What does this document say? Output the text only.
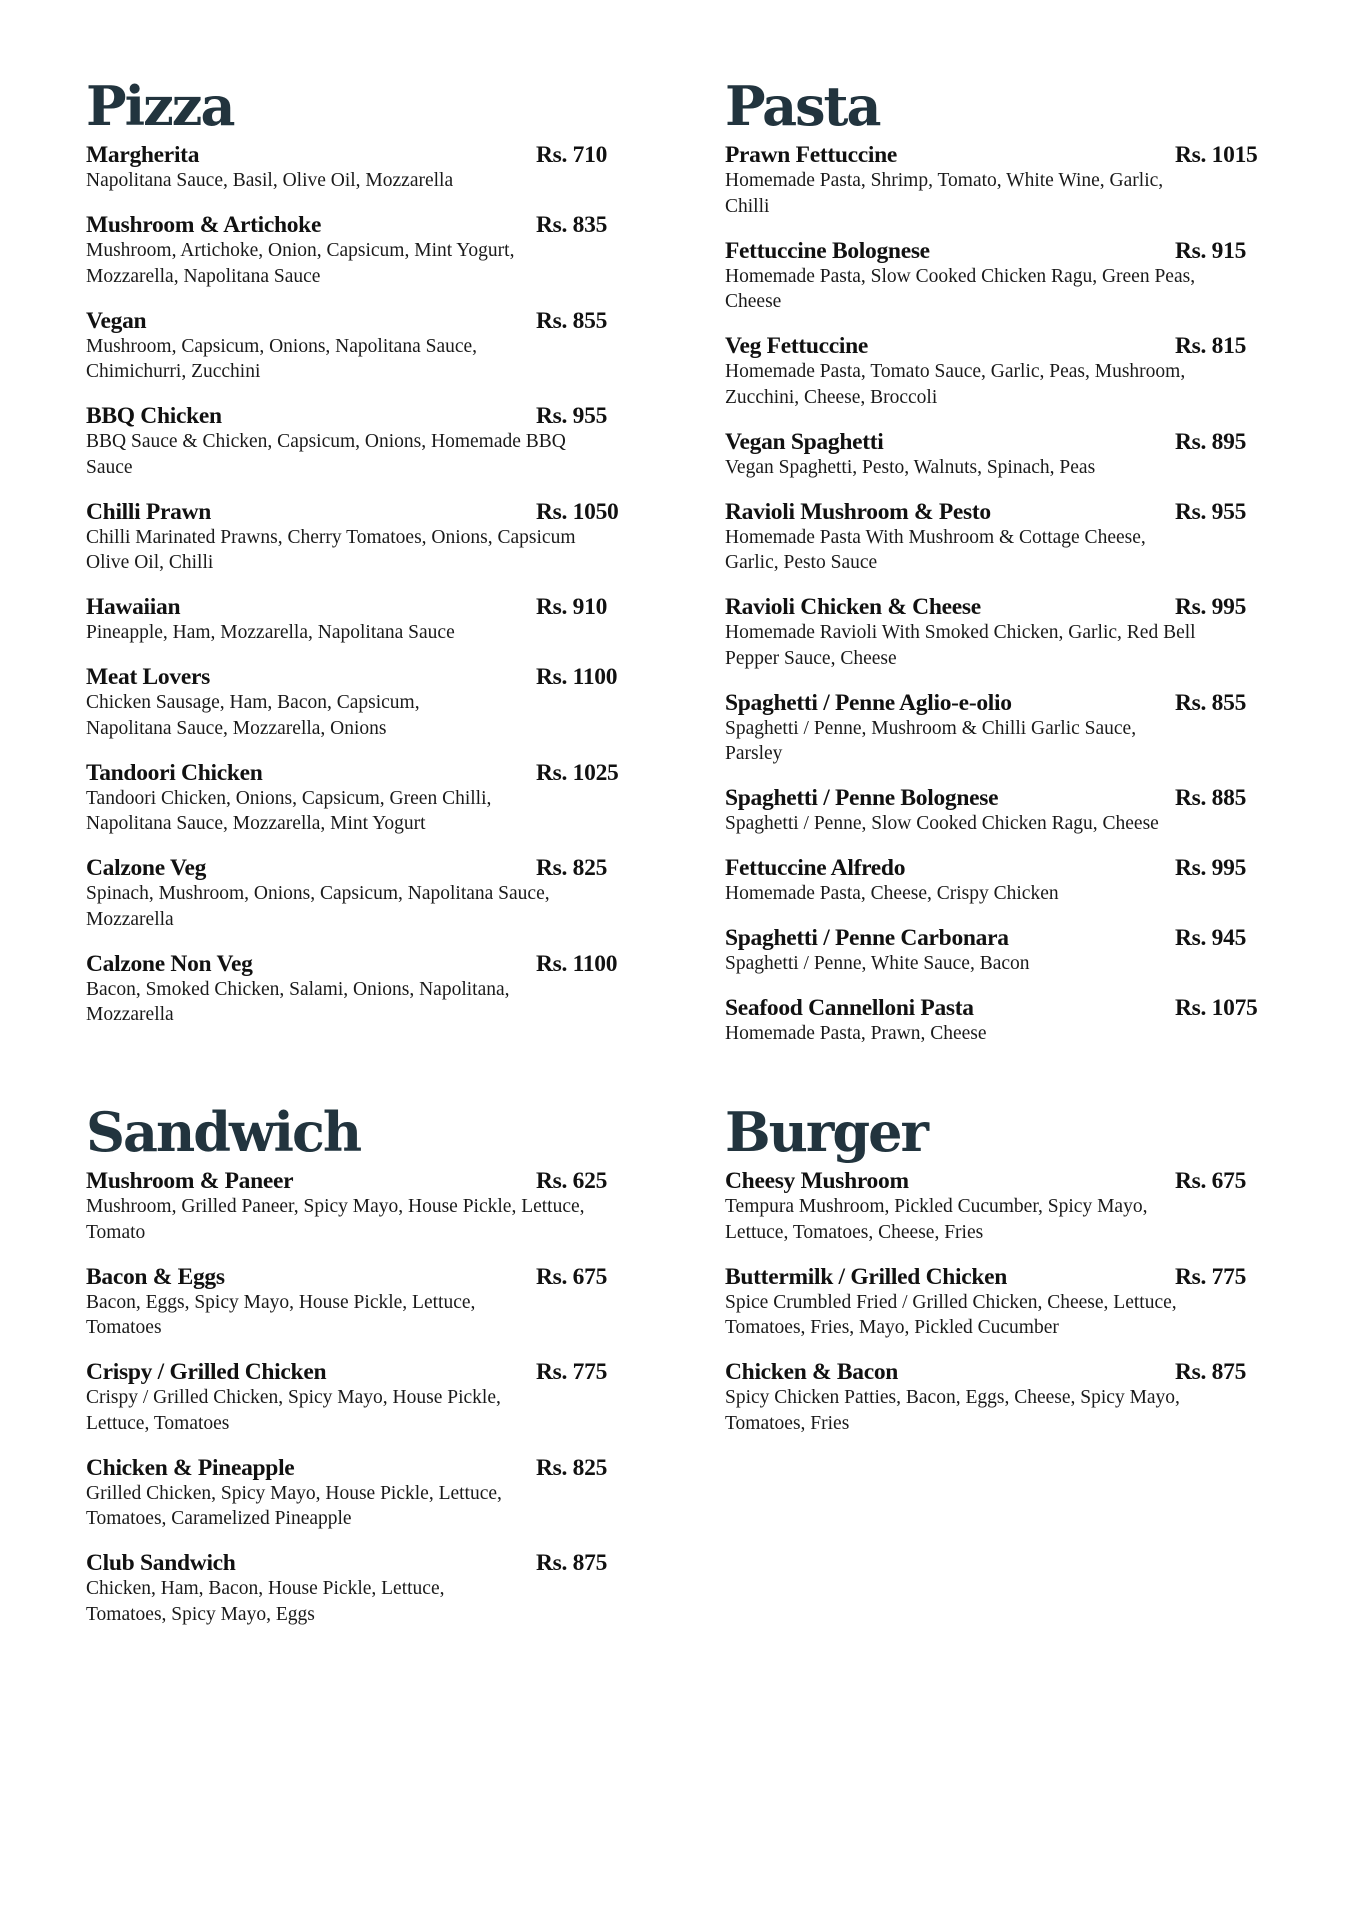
Pizza
Margherita	Rs. 710
Napolitana Sauce, Basil, Olive Oil, Mozzarella
Mushroom & Artichoke	Rs. 835
Mushroom, Artichoke, Onion, Capsicum, Mint Yogurt,
Mozzarella, Napolitana Sauce
Vegan	Rs. 855
Mushroom, Capsicum, Onions, Napolitana Sauce,
Chimichurri, Zucchini
BBQ Chicken	Rs. 955
BBQ Sauce & Chicken, Capsicum, Onions, Homemade BBQ
Sauce
Chilli Prawn	Rs. 1050
Chilli Marinated Prawns, Cherry Tomatoes, Onions, Capsicum
Olive Oil, Chilli
Hawaiian	Rs. 910
Pineapple, Ham, Mozzarella, Napolitana Sauce
Meat Lovers	Rs. 1100
Chicken Sausage, Ham, Bacon, Capsicum,
Napolitana Sauce, Mozzarella, Onions
Tandoori Chicken	Rs. 1025
Tandoori Chicken, Onions, Capsicum, Green Chilli,
Napolitana Sauce, Mozzarella, Mint Yogurt
Calzone Veg	Rs. 825
Spinach, Mushroom, Onions, Capsicum, Napolitana Sauce,
Mozzarella
Calzone Non Veg	Rs. 1100
Bacon, Smoked Chicken, Salami, Onions, Napolitana,
Mozzarella
Pasta
Prawn Fettuccine	Rs. 1015
Homemade Pasta, Shrimp, Tomato, White Wine, Garlic,
Chilli
Fettuccine Bolognese	Rs. 915
Homemade Pasta, Slow Cooked Chicken Ragu, Green Peas,
Cheese
Veg Fettuccine	Rs. 815
Homemade Pasta, Tomato Sauce, Garlic, Peas, Mushroom,
Zucchini, Cheese, Broccoli
Vegan Spaghetti	Rs. 895
Vegan Spaghetti, Pesto, Walnuts, Spinach, Peas
Ravioli Mushroom & Pesto	Rs. 955
Homemade Pasta With Mushroom & Cottage Cheese,
Garlic, Pesto Sauce
Ravioli Chicken & Cheese	Rs. 995
Homemade Ravioli With Smoked Chicken, Garlic, Red Bell
Pepper Sauce, Cheese
Spaghetti / Penne Aglio-e-olio	Rs. 855
Spaghetti / Penne, Mushroom & Chilli Garlic Sauce,
Parsley
Spaghetti / Penne Bolognese	Rs. 885
Spaghetti / Penne, Slow Cooked Chicken Ragu, Cheese
Fettuccine Alfredo	Rs. 995
Homemade Pasta, Cheese, Crispy Chicken
Spaghetti / Penne Carbonara	Rs. 945
Spaghetti / Penne, White Sauce, Bacon
Seafood Cannelloni Pasta	Rs. 1075
Homemade Pasta, Prawn, Cheese
Sandwich
Mushroom & Paneer	Rs. 625
Mushroom, Grilled Paneer, Spicy Mayo, House Pickle, Lettuce,
Tomato
Bacon & Eggs	Rs. 675
Bacon, Eggs, Spicy Mayo, House Pickle, Lettuce,
Tomatoes
Crispy / Grilled Chicken	Rs. 775
Crispy / Grilled Chicken, Spicy Mayo, House Pickle,
Lettuce, Tomatoes
Chicken & Pineapple	Rs. 825
Grilled Chicken, Spicy Mayo, House Pickle, Lettuce,
Tomatoes, Caramelized Pineapple
Club Sandwich	Rs. 875
Chicken, Ham, Bacon, House Pickle, Lettuce,
Tomatoes, Spicy Mayo, Eggs
Burger
Cheesy Mushroom	Rs. 675
Tempura Mushroom, Pickled Cucumber, Spicy Mayo,
Lettuce, Tomatoes, Cheese, Fries
Buttermilk / Grilled Chicken	Rs. 775
Spice Crumbled Fried / Grilled Chicken, Cheese, Lettuce,
Tomatoes, Fries, Mayo, Pickled Cucumber
Chicken & Bacon	Rs. 875
Spicy Chicken Patties, Bacon, Eggs, Cheese, Spicy Mayo,
Tomatoes, Fries
